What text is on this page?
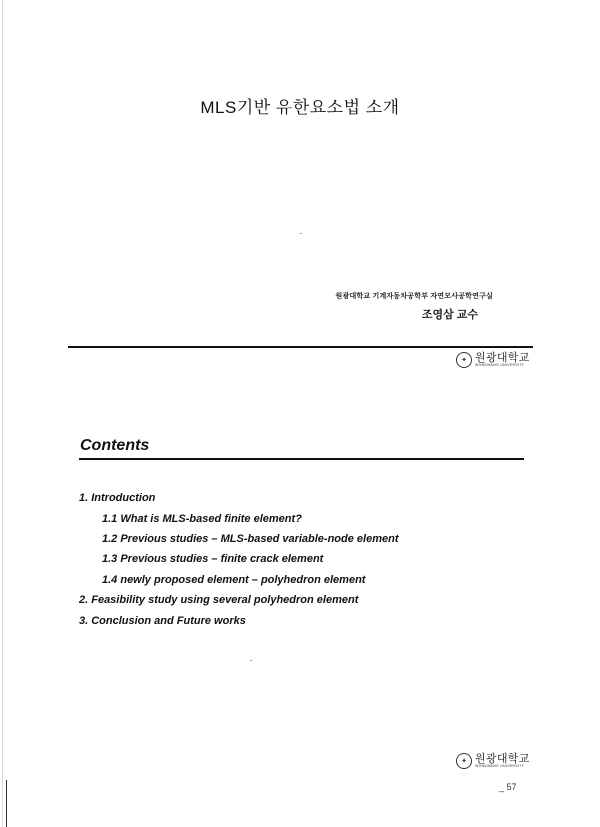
MLS기반 유한요소법 소개
원광대학교 기계자동차공학부 자연모사공학연구실
조영삼 교수
✦ 원광대학교
WONKWANG UNIVERSITY
Contents
1. Introduction
1.1 What is MLS-based finite element?
1.2 Previous studies – MLS-based variable-node element
1.3 Previous studies – finite crack element
1.4 newly proposed element – polyhedron element
2. Feasibility study using several polyhedron element
3. Conclusion and Future works
✦ 원광대학교
WONKWANG UNIVERSITY
_ 57
